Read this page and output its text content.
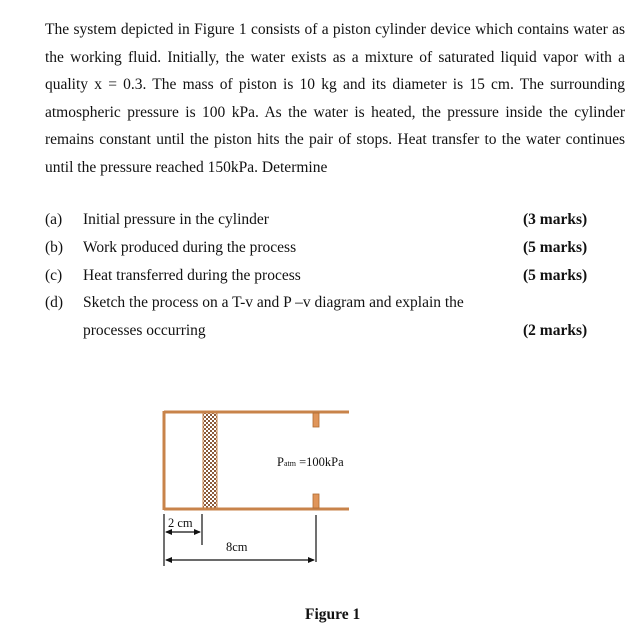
The system depicted in Figure 1 consists of a piston cylinder device which contains water as the working fluid. Initially, the water exists as a mixture of saturated liquid vapor with a quality x = 0.3. The mass of piston is 10 kg and its diameter is 15 cm. The surrounding atmospheric pressure is 100 kPa. As the water is heated, the pressure inside the cylinder remains constant until the piston hits the pair of stops. Heat transfer to the water continues until the pressure reached 150kPa. Determine
(a) Initial pressure in the cylinder	(3 marks)
(b) Work produced during the process	(5 marks)
(c) Heat transferred during the process	(5 marks)
(d) Sketch the process on a T-v and P –v diagram and explain the
processes occurring	(2 marks)
Patm =100kPa
2 cm
8cm
Figure 1
